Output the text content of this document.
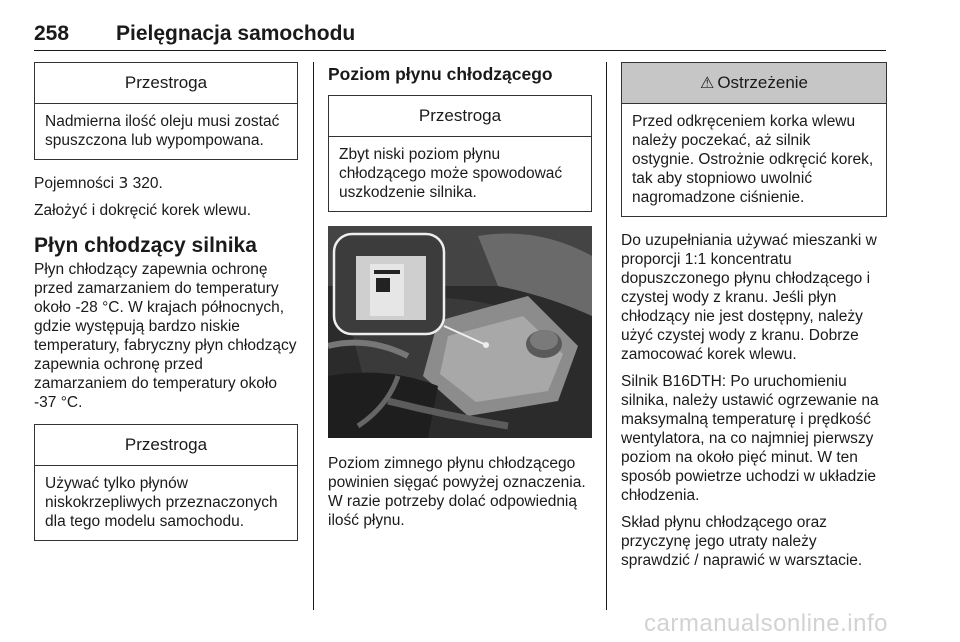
258 Pielęgnacja samochodu
Przestroga
Nadmierna ilość oleju musi zostać spuszczona lub wypompowana.

Pojemności 3 320.

Założyć i dokręcić korek wlewu.

Płyn chłodzący silnika

Płyn chłodzący zapewnia ochronę przed zamarzaniem do temperatury około -28 °C. W krajach północnych, gdzie występują bardzo niskie temperatury, fabryczny płyn chłodzący zapewnia ochronę przed zamarzaniem do temperatury około -37 °C.

Przestroga
Używać tylko płynów niskokrzepliwych przeznaczonych dla tego modelu samochodu.
Poziom płynu chłodzącego
Przestroga
Zbyt niski poziom płynu chłodzącego może spowodować uszkodzenie silnika.

Poziom zimnego płynu chłodzącego powinien sięgać powyżej oznaczenia. W razie potrzeby dolać odpowiednią ilość płynu.

⚠ Ostrzeżenie
Przed odkręceniem korka wlewu należy poczekać, aż silnik ostygnie. Ostrożnie odkręcić korek, tak aby stopniowo uwolnić nagromadzone ciśnienie.

Do uzupełniania używać mieszanki w proporcji 1:1 koncentratu dopuszczonego płynu chłodzącego i czystej wody z kranu. Jeśli płyn chłodzący nie jest dostępny, należy użyć czystej wody z kranu. Dobrze zamocować korek wlewu.

Silnik B16DTH: Po uruchomieniu silnika, należy ustawić ogrzewanie na maksymalną temperaturę i prędkość wentylatora, na co najmniej pierwszy poziom na około pięć minut. W ten sposób powietrze uchodzi w układzie chłodzenia.

Skład płynu chłodzącego oraz przyczynę jego utraty należy sprawdzić / naprawić w warsztacie.

carmanualsonline.info
